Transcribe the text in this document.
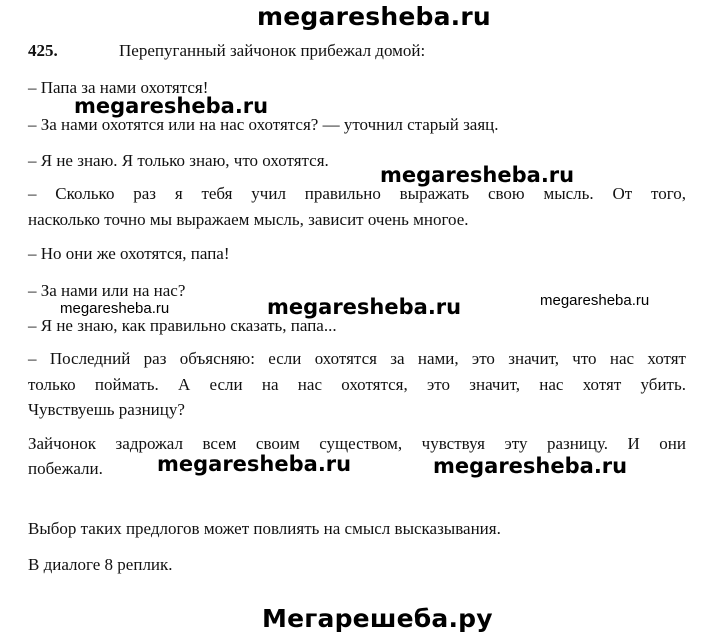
megaresheba.ru
425.	Перепуганный зайчонок прибежал домой:
‒ Папа за нами охотятся!
‒ За нами охотятся или на нас охотятся? — уточнил старый заяц.
‒ Я не знаю. Я только знаю, что охотятся.
‒ Сколько раз я тебя учил правильно выражать свою мысль. От того,
насколько точно мы выражаем мысль, зависит очень многое.
‒ Но они же охотятся, папа!
‒ За нами или на нас?
‒ Я не знаю, как правильно сказать, папа...
‒ Последний раз объясняю: если охотятся за нами, это значит, что нас хотят
только поймать. А если на нас охотятся, это значит, нас хотят убить.
Чувствуешь разницу?
Зайчонок задрожал всем своим существом, чувствуя эту разницу. И они
побежали.
Выбор таких предлогов может повлиять на смысл высказывания.
В диалоге 8 реплик.
megaresheba.ru
megaresheba.ru
megaresheba.ru
megaresheba.ru	megaresheba.ru
megaresheba.ru	megaresheba.ru
Мегарешеба.ру
